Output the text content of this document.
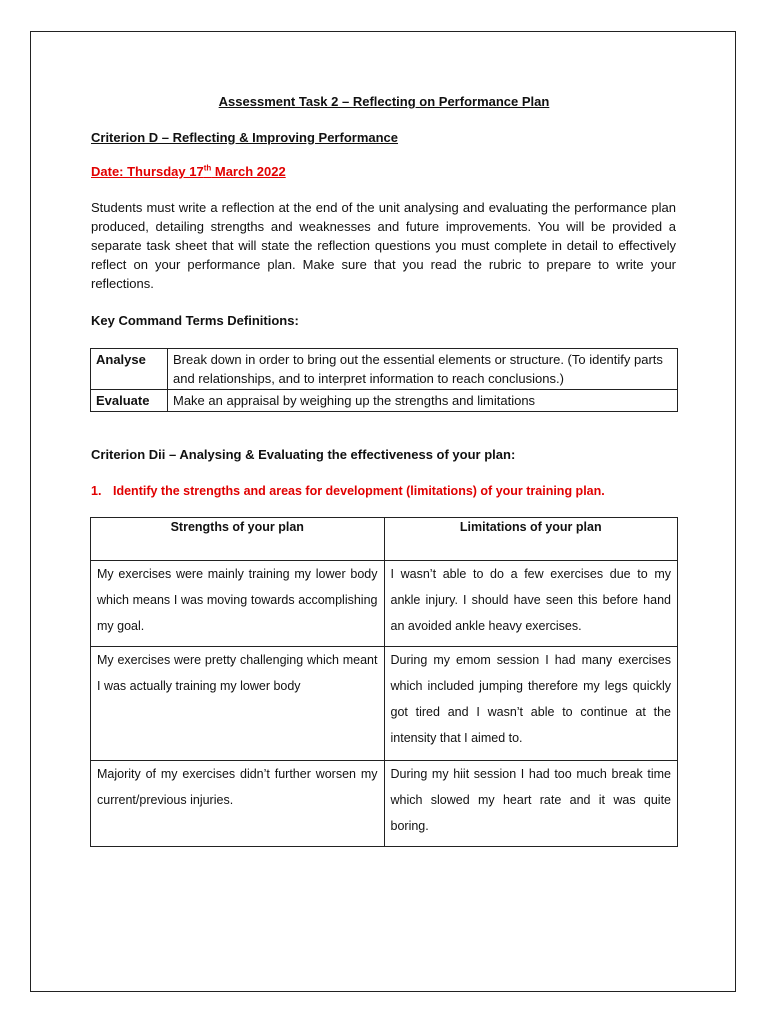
Assessment Task 2 – Reflecting on Performance Plan
Criterion D – Reflecting & Improving Performance
Date: Thursday 17th March 2022
Students must write a reflection at the end of the unit analysing and evaluating the performance plan produced, detailing strengths and weaknesses and future improvements. You will be provided a separate task sheet that will state the reflection questions you must complete in detail to effectively reflect on your performance plan. Make sure that you read the rubric to prepare to write your reflections.
Key Command Terms Definitions:
Analyse	Break down in order to bring out the essential elements or structure. (To identify parts and relationships, and to interpret information to reach conclusions.)
Evaluate	Make an appraisal by weighing up the strengths and limitations
Criterion Dii – Analysing & Evaluating the effectiveness of your plan:
1. Identify the strengths and areas for development (limitations) of your training plan.
Strengths of your plan	Limitations of your plan
My exercises were mainly training my lower body which means I was moving towards accomplishing my goal.	I wasn’t able to do a few exercises due to my ankle injury. I should have seen this before hand an avoided ankle heavy exercises.
My exercises were pretty challenging which meant I was actually training my lower body	During my emom session I had many exercises which included jumping therefore my legs quickly got tired and I wasn’t able to continue at the intensity that I aimed to.
Majority of my exercises didn’t further worsen my current/previous injuries.	During my hiit session I had too much break time which slowed my heart rate and it was quite boring.
